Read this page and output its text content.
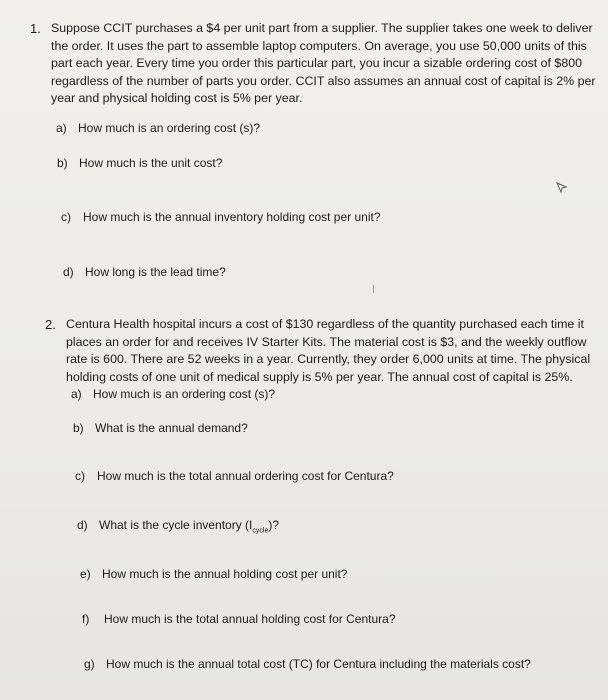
1. Suppose CCIT purchases a $4 per unit part from a supplier. The supplier takes one week to deliver
the order. It uses the part to assemble laptop computers. On average, you use 50,000 units of this
part each year. Every time you order this particular part, you incur a sizable ordering cost of $800
regardless of the number of parts you order. CCIT also assumes an annual cost of capital is 2% per
year and physical holding cost is 5% per year.
a) How much is an ordering cost (s)?
b) How much is the unit cost?
c) How much is the annual inventory holding cost per unit?
d) How long is the lead time?
2. Centura Health hospital incurs a cost of $130 regardless of the quantity purchased each time it
places an order for and receives IV Starter Kits. The material cost is $3, and the weekly outflow
rate is 600. There are 52 weeks in a year. Currently, they order 6,000 units at time. The physical
holding costs of one unit of medical supply is 5% per year. The annual cost of capital is 25%.
a) How much is an ordering cost (s)?
b) What is the annual demand?
c) How much is the total annual ordering cost for Centura?
d) What is the cycle inventory $(I_{cycle})$?
e) How much is the annual holding cost per unit?
f) How much is the total annual holding cost for Centura?
g) How much is the annual total cost (TC) for Centura including the materials cost?
